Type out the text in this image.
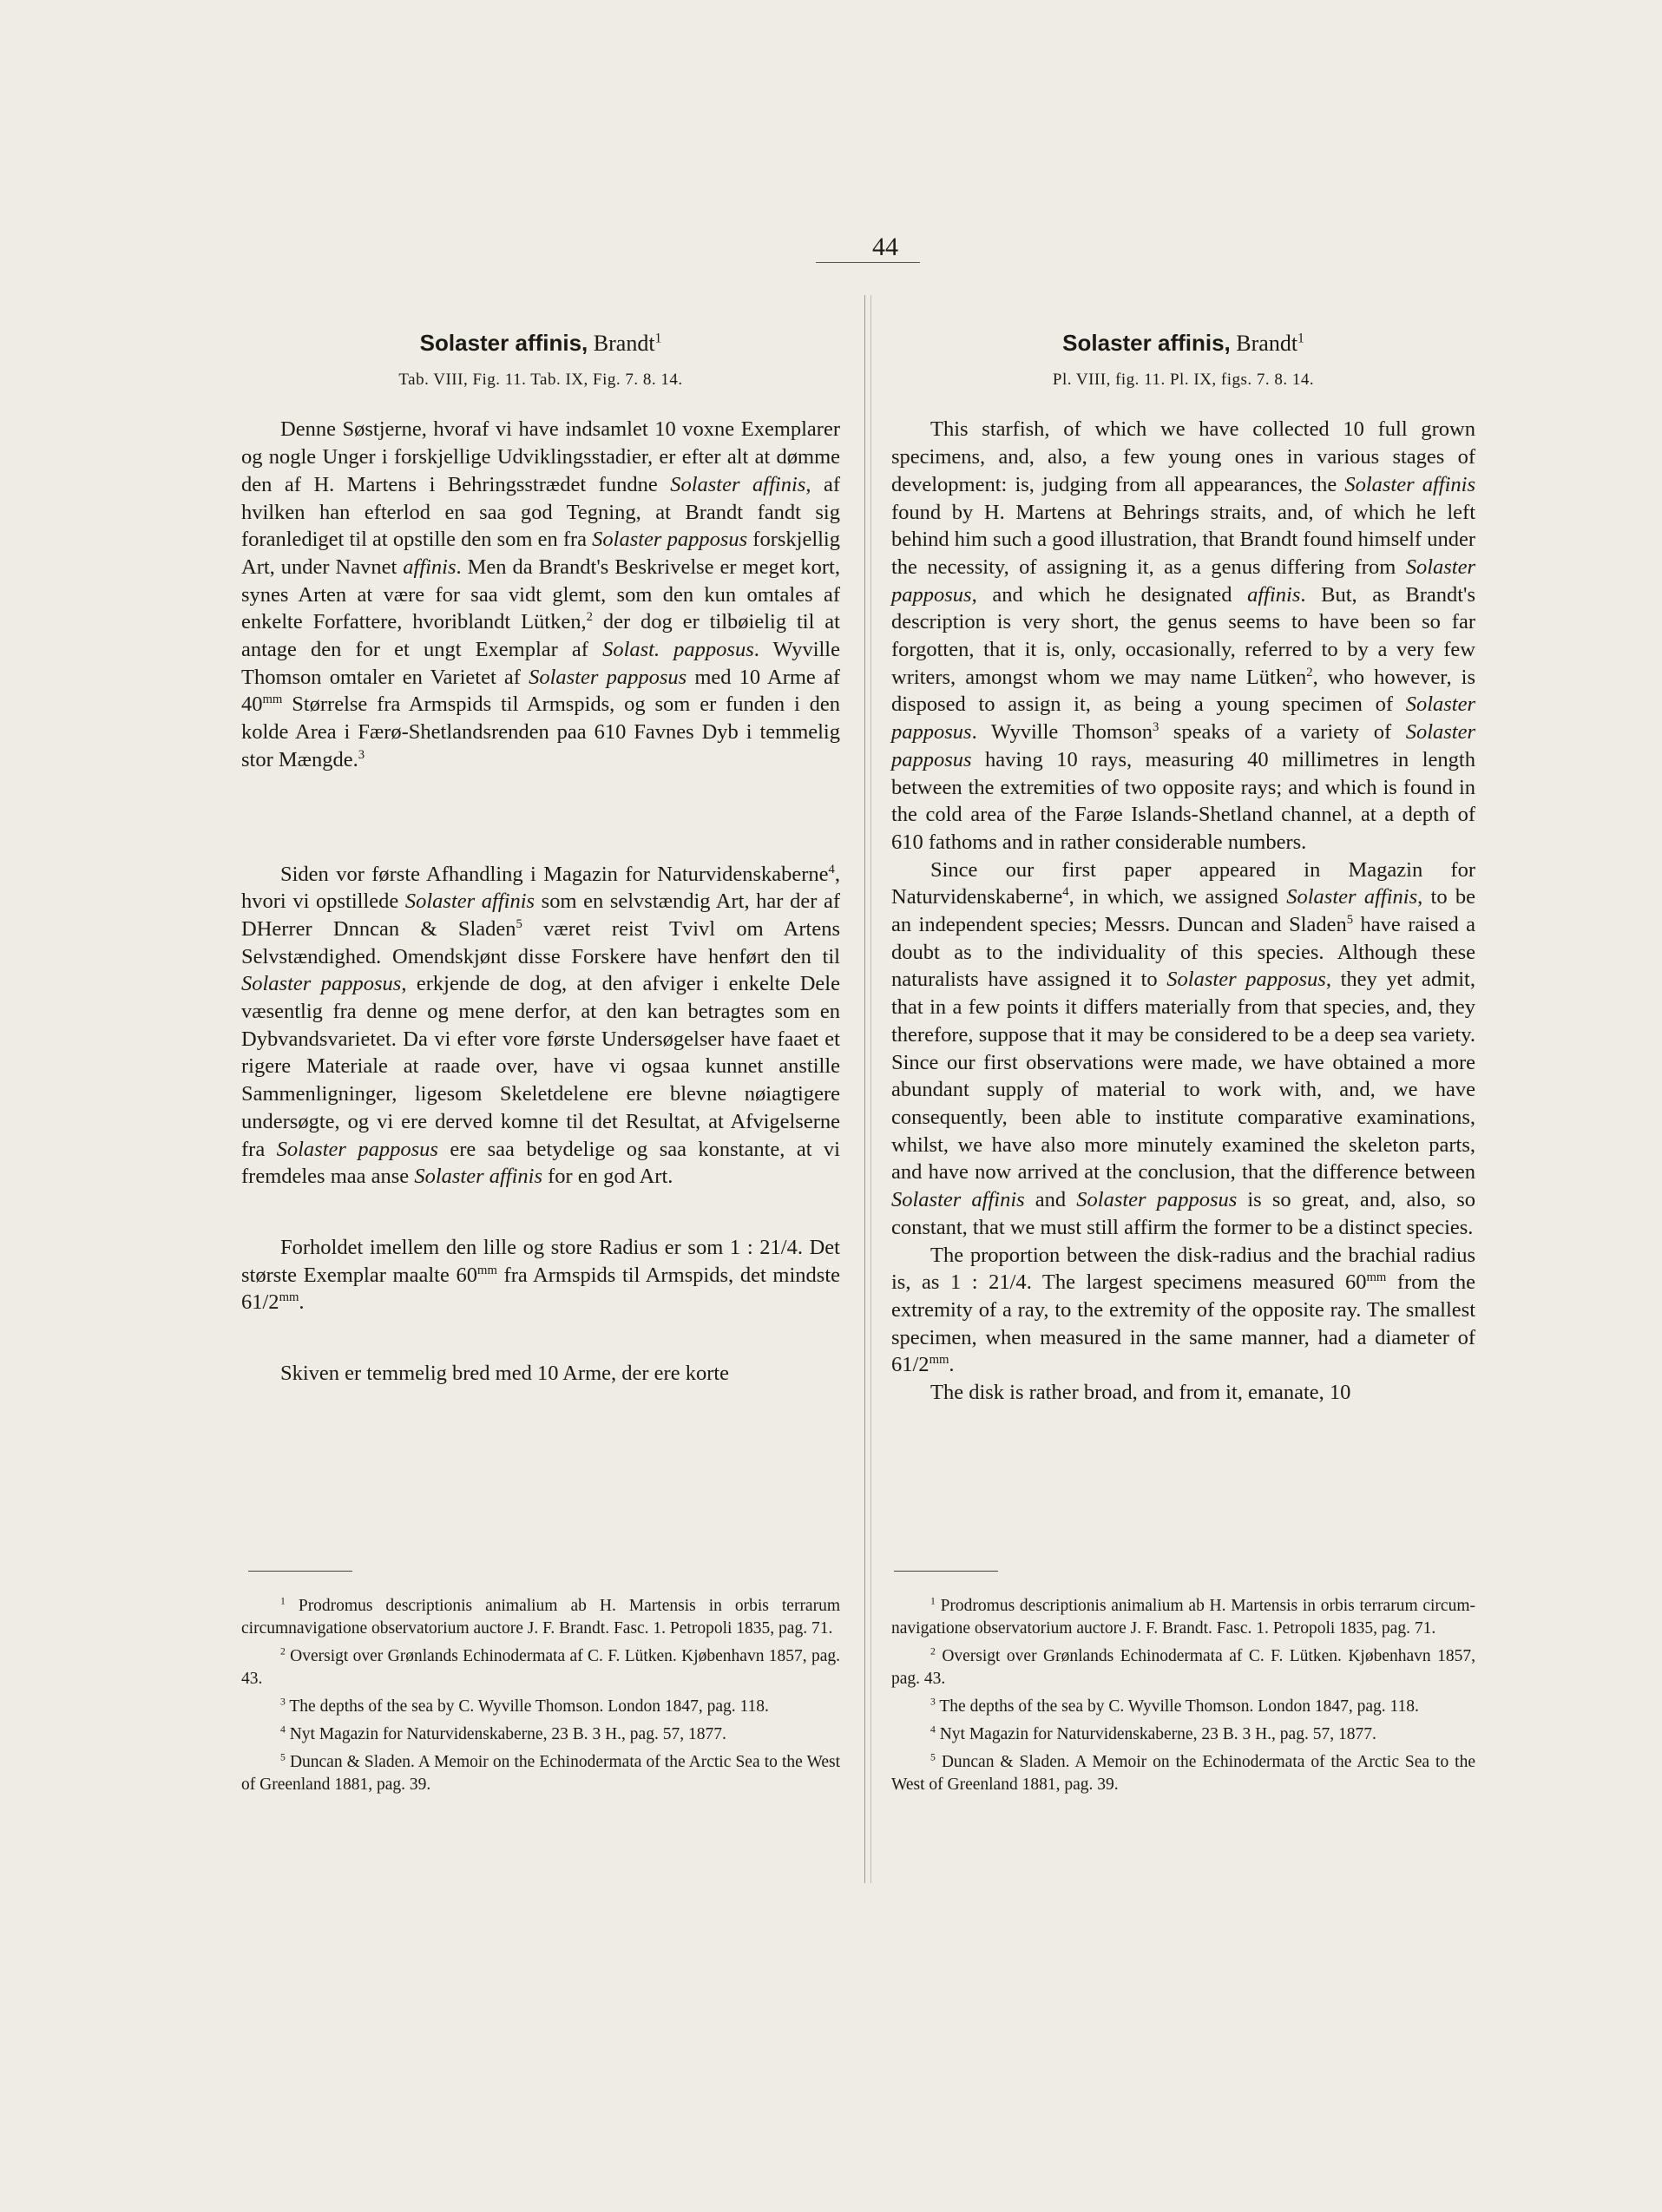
44

Solaster affinis, Brandt$^1$

Tab. VIII, Fig. 11. Tab. IX, Fig. 7. 8. 14.

Denne Søstjerne, hvoraf vi have indsamlet 10 voxne Exemplarer og nogle Unger i forskjellige Udviklingsstadier, er efter alt at dømme den af H. Martens i Behringsstrædet fundne Solaster affinis, af hvilken han efterlod en saa god Tegning, at Brandt fandt sig foranlediget til at opstille den som en fra Solaster papposus forskjellig Art, under Navnet affinis. Men da Brandt's Beskrivelse er meget kort, synes Arten at være for saa vidt glemt, som den kun omtales af enkelte Forfattere, hvoriblandt Lütken,$^2$ der dog er tilbøielig til at antage den for et ungt Exemplar af Solast. papposus. Wyville Thomson omtaler en Varietet af Solaster papposus med 10 Arme af $40^{mm}$ Størrelse fra Armspids til Armspids, og som er funden i den kolde Area i Færø-Shetlandsrenden paa 610 Favnes Dyb i temmelig stor Mængde.$^3$

Siden vor første Afhandling i Magazin for Naturvidenskaberne$^4$, hvori vi opstillede Solaster affinis som en selvstændig Art, har der af DHerrer Dnncan & Sladen$^5$ været reist Tvivl om Artens Selvstændighed. Omendskjønt disse Forskere have henført den til Solaster papposus, erkjende de dog, at den afviger i enkelte Dele væsentlig fra denne og mene derfor, at den kan betragtes som en Dybvandsvarietet. Da vi efter vore første Undersøgelser have faaet et rigere Materiale at raade over, have vi ogsaa kunnet anstille Sammenligninger, ligesom Skeletdelene ere blevne nøiagtigere undersøgte, og vi ere derved komne til det Resultat, at Afvigelserne fra Solaster papposus ere saa betydelige og saa konstante, at vi fremdeles maa anse Solaster affinis for en god Art.

Forholdet imellem den lille og store Radius er som 1 : 21/4. Det største Exemplar maalte $60^{mm}$ fra Armspids til Armspids, det mindste $61/2^{mm}$.

Skiven er temmelig bred med 10 Arme, der ere korte

Solaster affinis, Brandt$^1$

Pl. VIII, fig. 11. Pl. IX, figs. 7. 8. 14.

This starfish, of which we have collected 10 full grown specimens, and, also, a few young ones in various stages of development: is, judging from all appearances, the Solaster affinis found by H. Martens at Behrings straits, and, of which he left behind him such a good illustration, that Brandt found himself under the necessity, of assigning it, as a genus differing from Solaster papposus, and which he designated affinis. But, as Brandt's description is very short, the genus seems to have been so far forgotten, that it is, only, occasionally, referred to by a very few writers, amongst whom we may name Lütken$^2$, who however, is disposed to assign it, as being a young specimen of Solaster papposus. Wyville Thomson$^3$ speaks of a variety of Solaster papposus having 10 rays, measuring 40 millimetres in length between the extremities of two opposite rays; and which is found in the cold area of the Farøe Islands-Shetland channel, at a depth of 610 fathoms and in rather considerable numbers.

Since our first paper appeared in Magazin for Naturvidenskaberne$^4$, in which, we assigned Solaster affinis, to be an independent species; Messrs. Duncan and Sladen$^5$ have raised a doubt as to the individuality of this species. Although these naturalists have assigned it to Solaster papposus, they yet admit, that in a few points it differs materially from that species, and, they therefore, suppose that it may be considered to be a deep sea variety. Since our first observations were made, we have obtained a more abundant supply of material to work with, and, we have consequently, been able to institute comparative examinations, whilst, we have also more minutely examined the skeleton parts, and have now arrived at the conclusion, that the difference between Solaster affinis and Solaster papposus is so great, and, also, so constant, that we must still affirm the former to be a distinct species.

The proportion between the disk-radius and the brachial radius is, as 1 : 21/4. The largest specimens measured $60^{mm}$ from the extremity of a ray, to the extremity of the opposite ray. The smallest specimen, when measured in the same manner, had a diameter of $61/2^{mm}$.

The disk is rather broad, and from it, emanate, 10

$^1$ Prodromus descriptionis animalium ab H. Martensis in orbis terrarum circumnavigatione observatorium auctore J. F. Brandt. Fasc. 1. Petropoli 1835, pag. 71.

$^2$ Oversigt over Grønlands Echinodermata af C. F. Lütken. Kjøbenhavn 1857, pag. 43.

$^3$ The depths of the sea by C. Wyville Thomson. London 1847, pag. 118.

$^4$ Nyt Magazin for Naturvidenskaberne, 23 B. 3 H., pag. 57, 1877.

$^5$ Duncan & Sladen. A Memoir on the Echinodermata of the Arctic Sea to the West of Greenland 1881, pag. 39.

$^1$ Prodromus descriptionis animalium ab H. Martensis in orbis terrarum circum-navigatione observatorium auctore J. F. Brandt. Fasc. 1. Petropoli 1835, pag. 71.

$^2$ Oversigt over Grønlands Echinodermata af C. F. Lütken. Kjøbenhavn 1857, pag. 43.

$^3$ The depths of the sea by C. Wyville Thomson. London 1847, pag. 118.

$^4$ Nyt Magazin for Naturvidenskaberne, 23 B. 3 H., pag. 57, 1877.

$^5$ Duncan & Sladen. A Memoir on the Echinodermata of the Arctic Sea to the West of Greenland 1881, pag. 39.
